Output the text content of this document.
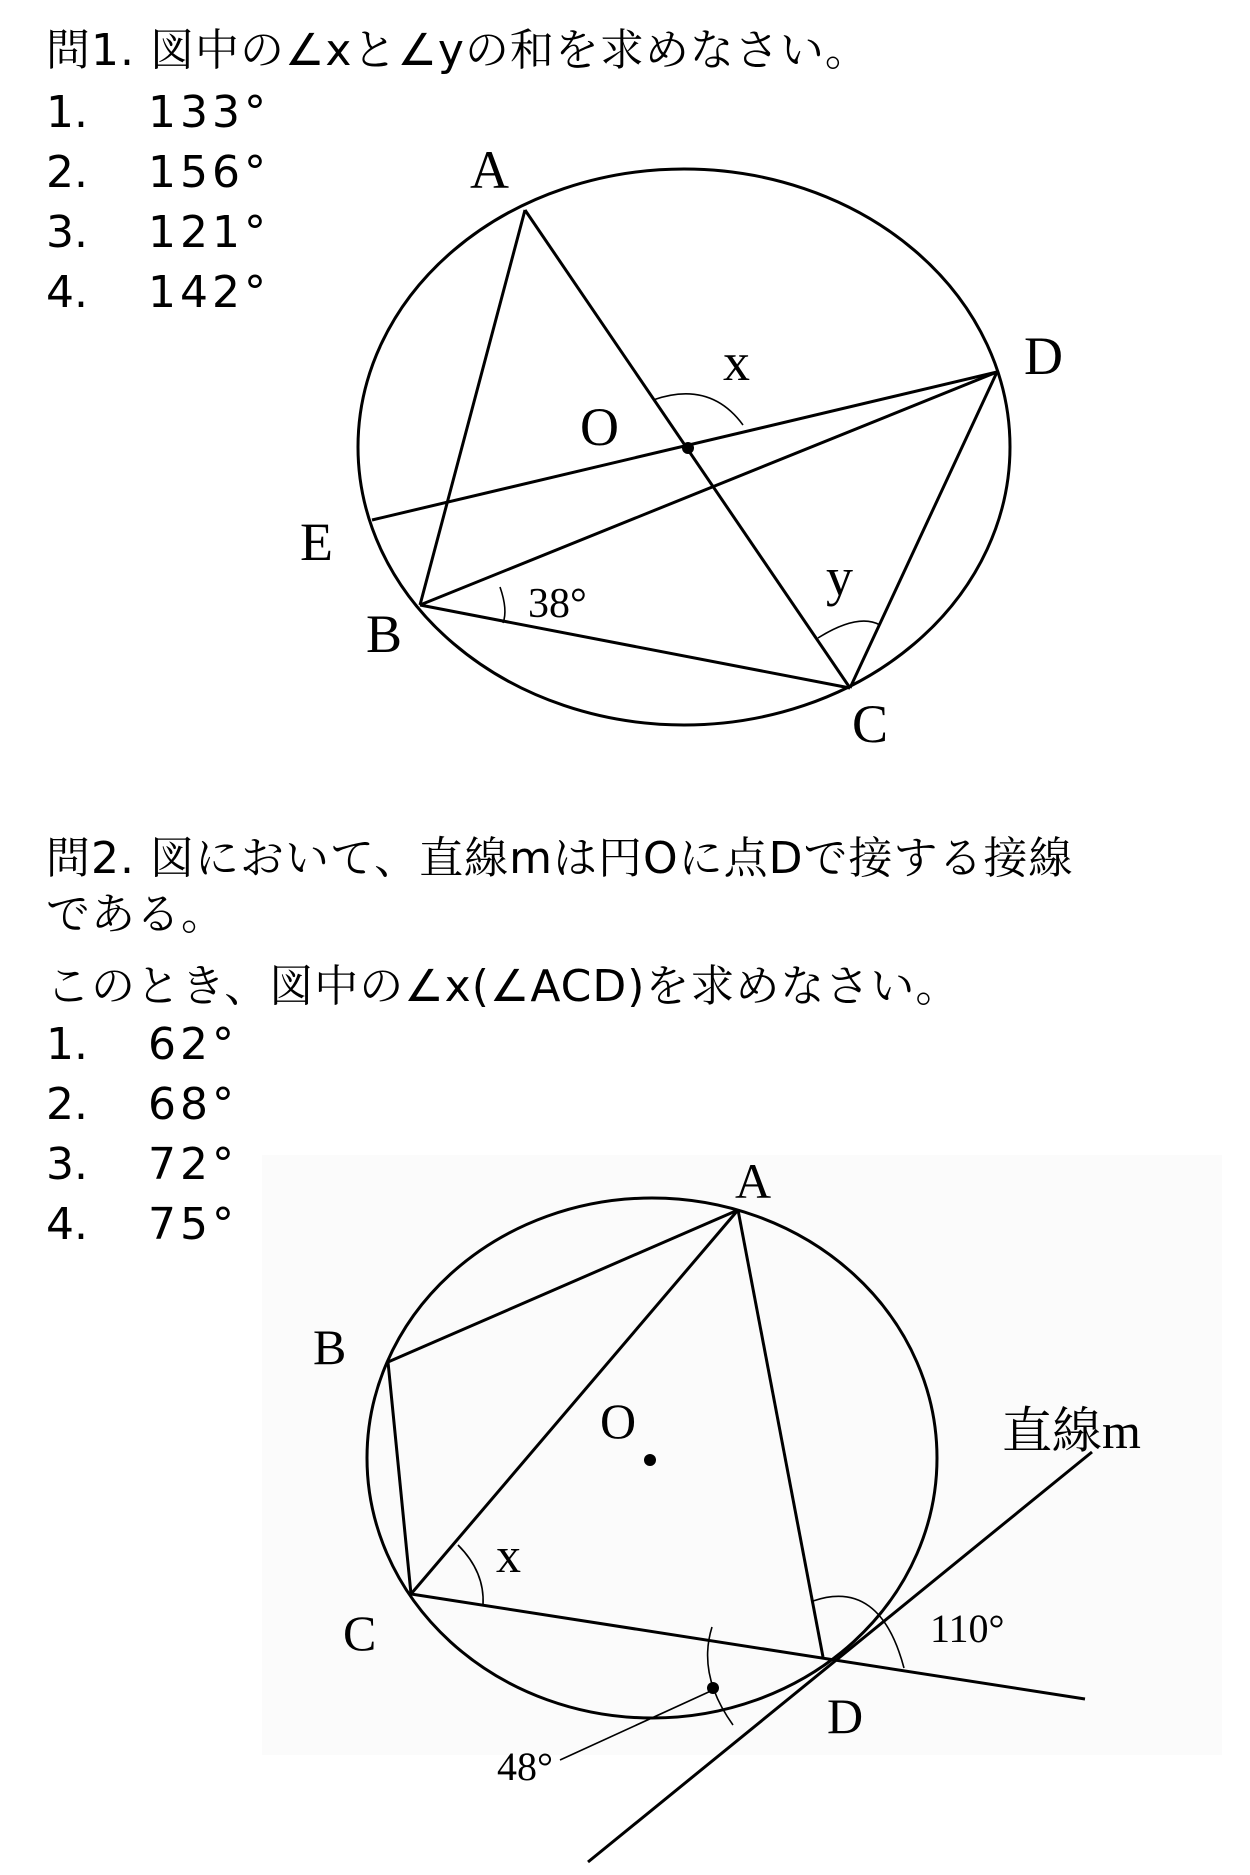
問1. 図中の∠xと∠yの和を求めなさい。
1. 133°
2. 156°
3. 121°
4. 142°
A
D
E
B
C
O
x
y
38°
問2. 図において、直線mは円Oに点Dで接する接線
である。
このとき、図中の∠x(∠ACD)を求めなさい。
1. 62°
2. 68°
3. 72°
4. 75°
A
B
C
D
O
x
直線m
110°
48°
